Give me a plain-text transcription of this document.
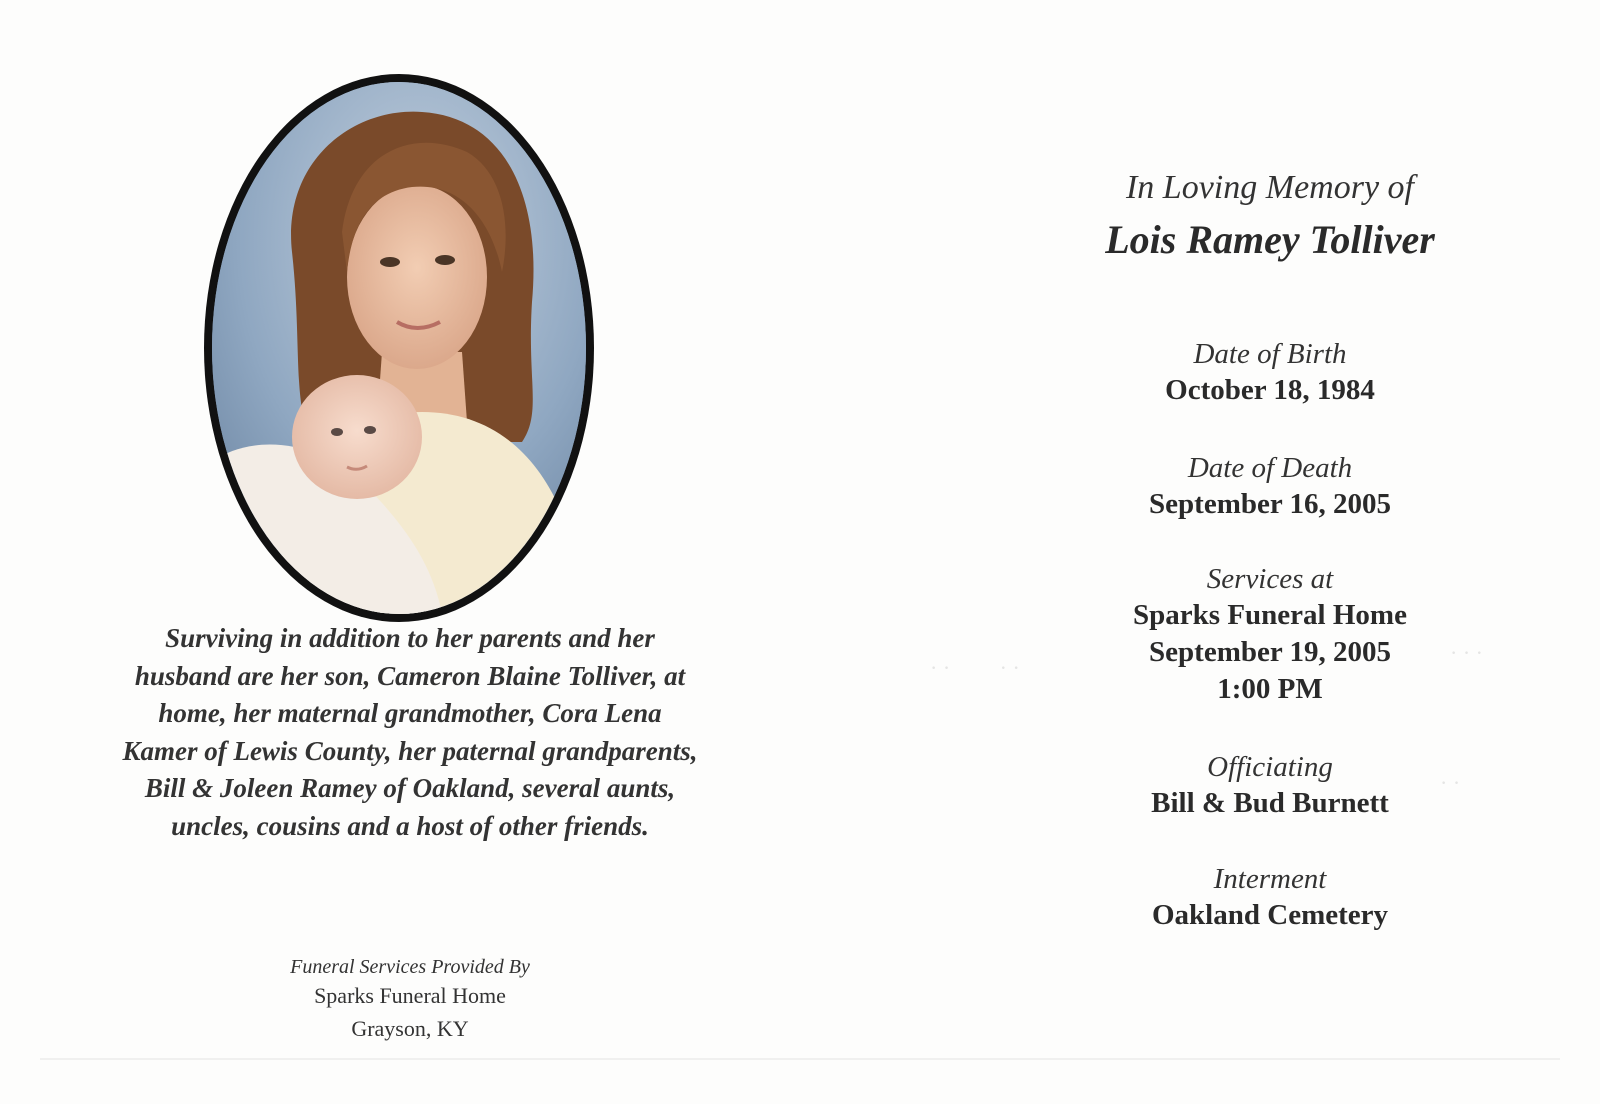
· ·         · ·
· · ·
· ·
Surviving in addition to her parents and her
husband are her son, Cameron Blaine Tolliver, at
home, her maternal grandmother, Cora Lena
Kamer of Lewis County, her paternal grandparents,
Bill & Joleen Ramey of Oakland, several aunts,
uncles, cousins and a host of other friends.
Funeral Services Provided By
Sparks Funeral Home
Grayson, KY
In Loving Memory of
Lois Ramey Tolliver
Date of Birth
October 18, 1984
Date of Death
September 16, 2005
Services at
Sparks Funeral Home
September 19, 2005
1:00 PM
Officiating
Bill & Bud Burnett
Interment
Oakland Cemetery
